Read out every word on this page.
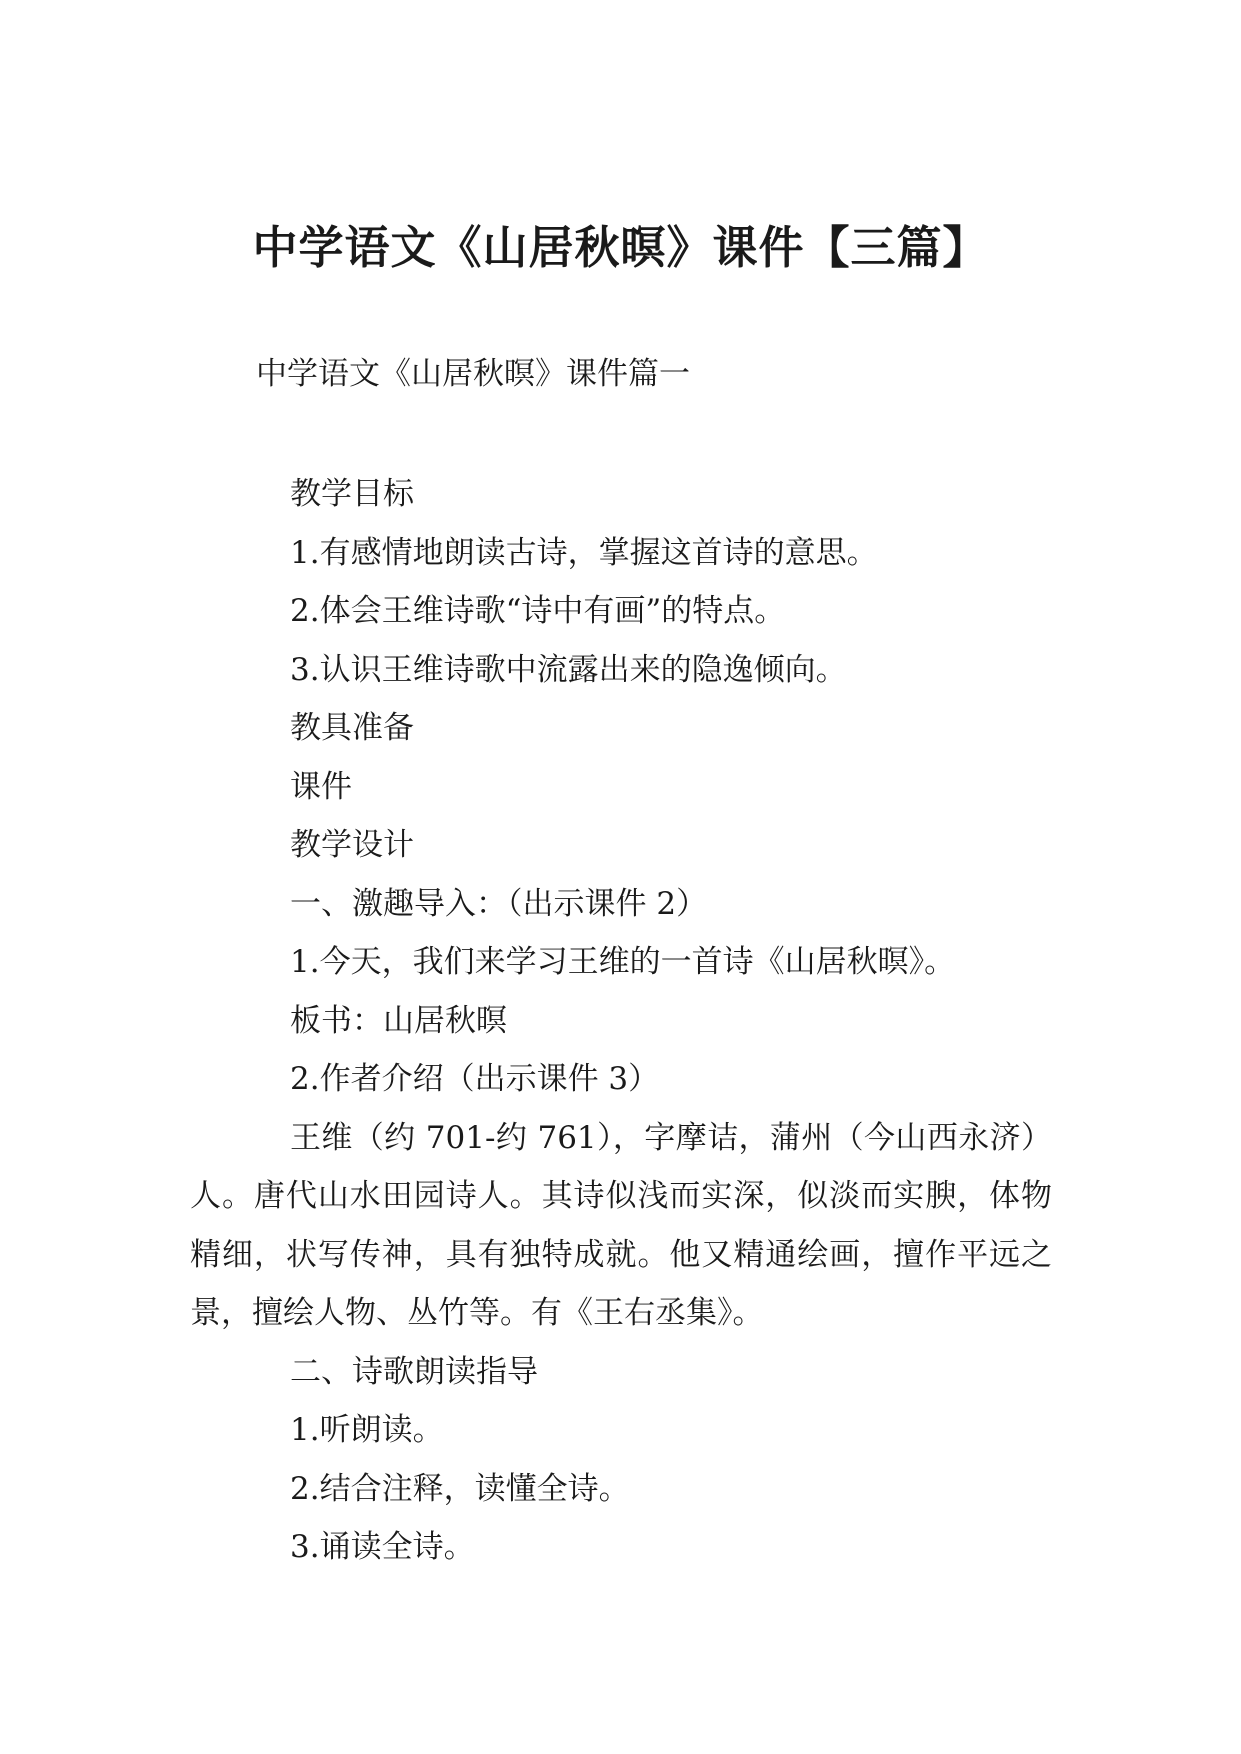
中学语文《山居秋暝》课件【三篇】
中学语文《山居秋暝》课件篇一

教学目标

1.有感情地朗读古诗，掌握这首诗的意思。

2.体会王维诗歌“诗中有画”的特点。

3.认识王维诗歌中流露出来的隐逸倾向。

教具准备

课件

教学设计

一、激趣导入：（出示课件 2）

1.今天，我们来学习王维的一首诗《山居秋暝》。

板书：山居秋暝

2.作者介绍（出示课件 3）

王维（约 701-约 761），字摩诘，蒲州（今山西永济）人。唐代山水田园诗人。其诗似浅而实深，似淡而实腴，体物精细，状写传神，具有独特成就。他又精通绘画，擅作平远之景，擅绘人物、丛竹等。有《王右丞集》。

二、诗歌朗读指导

1.听朗读。

2.结合注释，读懂全诗。

3.诵读全诗。
